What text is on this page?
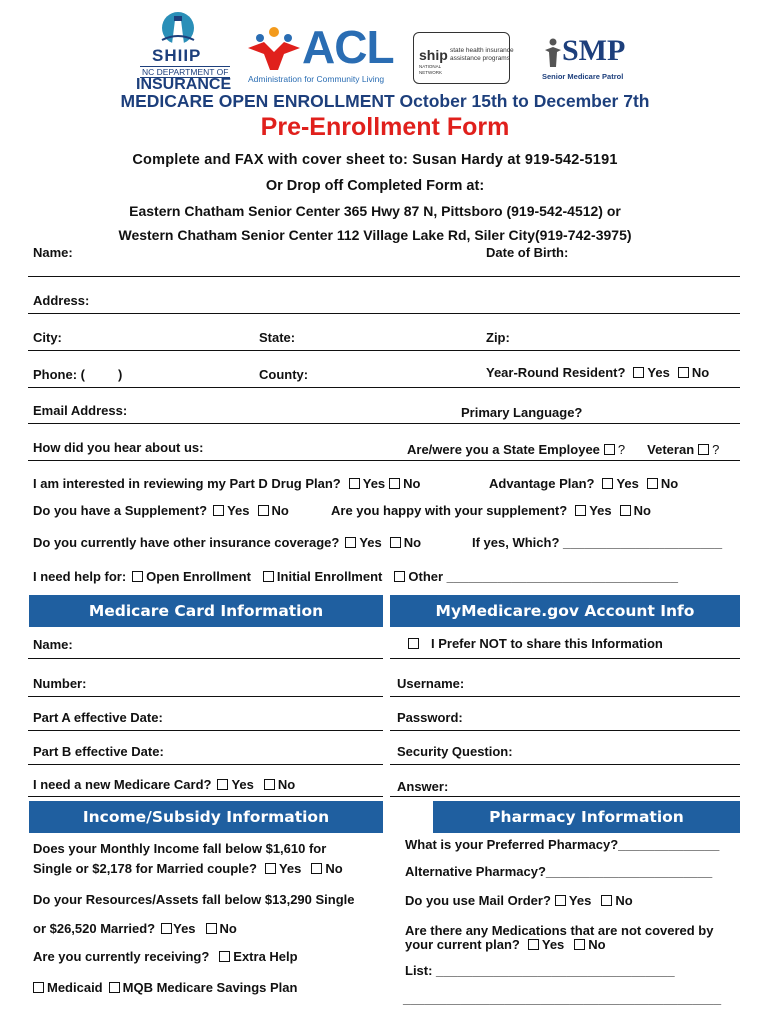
SHIIP
NC DEPARTMENT OF
INSURANCE
ACL
Administration for Community Living
ship state health insurance
assistance programs
NATIONAL
NETWORK
SMP
Senior Medicare Patrol
MEDICARE OPEN ENROLLMENT October 15th to December 7th
Pre-Enrollment Form
Complete and FAX with cover sheet to: Susan Hardy at 919-542-5191
Or Drop off Completed Form at:
Eastern Chatham Senior Center 365 Hwy 87 N, Pittsboro (919-542-4512) or
Western Chatham Senior Center 112 Village Lake Rd, Siler City(919-742-3975)
Name:	Date of Birth:
Address:
City:	State:	Zip:
Phone: (	)	County:	Year-Round Resident? Yes No
Email Address:	Primary Language?
How did you hear about us:	Are/were you a State Employee ? Veteran ?
I am interested in reviewing my Part D Drug Plan? Yes No	Advantage Plan? Yes No
Do you have a Supplement? Yes No	Are you happy with your supplement? Yes No
Do you currently have other insurance coverage? Yes No	If yes, Which? ______________________
I need help for: Open Enrollment Initial Enrollment Other ________________________________
Medicare Card Information	MyMedicare.gov Account Info
Name:
Number:
Part A effective Date:
Part B effective Date:
I need a new Medicare Card? Yes No
I Prefer NOT to share this Information
Username:
Password:
Security Question:
Answer:
Income/Subsidy Information	Pharmacy Information
Does your Monthly Income fall below $1,610 for
Single or $2,178 for Married couple? Yes No
Do your Resources/Assets fall below $13,290 Single
or $26,520 Married? Yes No
Are you currently receiving? Extra Help
Medicaid MQB Medicare Savings Plan
What is your Preferred Pharmacy?______________
Alternative Pharmacy?_______________________
Do you use Mail Order? Yes No
Are there any Medications that are not covered by
your current plan? Yes No
List: _________________________________
____________________________________________
